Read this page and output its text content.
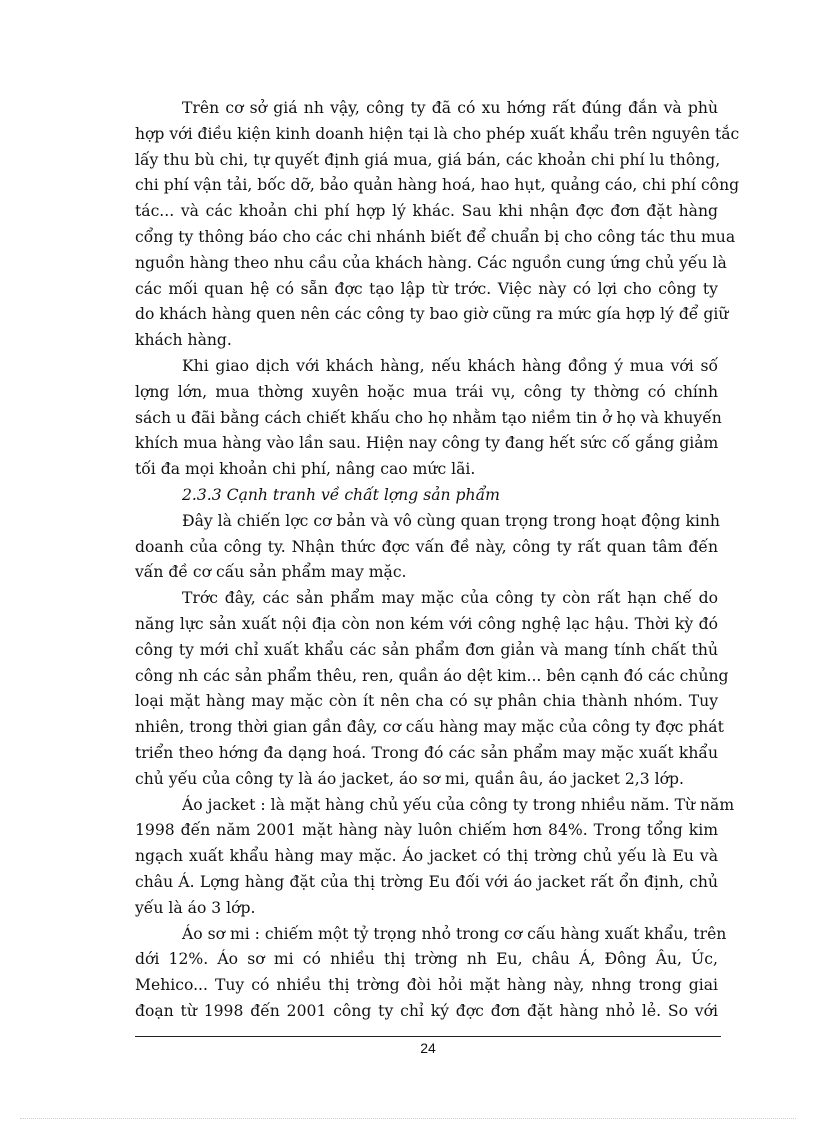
Trên cơ sở giá nh vậy, công ty đã có xu hớng rất đúng đắn và phù
hợp với điều kiện kinh doanh hiện tại là cho phép xuất khẩu trên nguyên tắc
lấy thu bù chi, tự quyết định giá mua, giá bán, các khoản chi phí lu thông,
chi phí vận tải, bốc dỡ, bảo quản hàng hoá, hao hụt, quảng cáo, chi phí công
tác... và các khoản chi phí hợp lý khác. Sau khi nhận đợc đơn đặt hàng
cổng ty thông báo cho các chi nhánh biết để chuẩn bị cho công tác thu mua
nguồn hàng theo nhu cầu của khách hàng. Các nguồn cung ứng chủ yếu là
các mối quan hệ có sẵn đợc tạo lập từ trớc. Việc này có lợi cho công ty
do khách hàng quen nên các công ty bao giờ cũng ra mức gía hợp lý để giữ
khách hàng.
Khi giao dịch với khách hàng, nếu khách hàng đồng ý mua với số
lợng lớn, mua thờng xuyên hoặc mua trái vụ, công ty thờng có chính
sách u đãi bằng cách chiết khấu cho họ nhằm tạo niềm tin ở họ và khuyến
khích mua hàng vào lần sau. Hiện nay công ty đang hết sức cố gắng giảm
tối đa mọi khoản chi phí, nâng cao mức lãi.
2.3.3 Cạnh tranh về chất lợng sản phẩm
Đây là chiến lợc cơ bản và vô cùng quan trọng trong hoạt động kinh
doanh của công ty. Nhận thức đợc vấn đề này, công ty rất quan tâm đến
vấn đề cơ cấu sản phẩm may mặc.
Trớc đây, các sản phẩm may mặc của công ty còn rất hạn chế do
năng lực sản xuất nội địa còn non kém với công nghệ lạc hậu. Thời kỳ đó
công ty mới chỉ xuất khẩu các sản phẩm đơn giản và mang tính chất thủ
công nh các sản phẩm thêu, ren, quần áo dệt kim... bên cạnh đó các chủng
loại mặt hàng may mặc còn ít nên cha có sự phân chia thành nhóm. Tuy
nhiên, trong thời gian gần đây, cơ cấu hàng may mặc của công ty đợc phát
triển theo hớng đa dạng hoá. Trong đó các sản phẩm may mặc xuất khẩu
chủ yếu của công ty là áo jacket, áo sơ mi, quần âu, áo jacket 2,3 lớp.
Áo jacket : là mặt hàng chủ yếu của công ty trong nhiều năm. Từ năm
1998 đến năm 2001 mặt hàng này luôn chiếm hơn 84%. Trong tổng kim
ngạch xuất khẩu hàng may mặc. Áo jacket có thị trờng chủ yếu là Eu và
châu Á. Lợng hàng đặt của thị trờng Eu đối với áo jacket rất ổn định, chủ
yếu là áo 3 lớp.
Áo sơ mi : chiếm một tỷ trọng nhỏ trong cơ cấu hàng xuất khẩu, trên
dới 12%. Áo sơ mi có nhiều thị trờng nh Eu, châu Á, Đông Âu, Úc,
Mehico... Tuy có nhiều thị trờng đòi hỏi mặt hàng này, nhng trong giai
đoạn từ 1998 đến 2001 công ty chỉ ký đợc đơn đặt hàng nhỏ lẻ. So với
24
